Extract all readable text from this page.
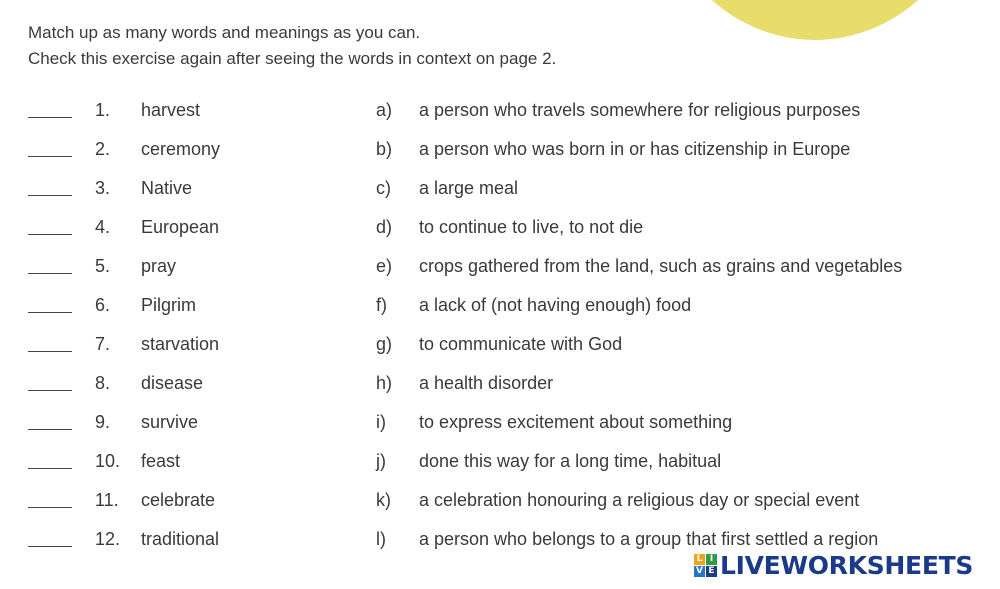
Match up as many words and meanings as you can.
Check this exercise again after seeing the words in context on page 2.
1. harvest	a) a person who travels somewhere for religious purposes
2. ceremony	b) a person who was born in or has citizenship in Europe
3. Native	c) a large meal
4. European	d) to continue to live, to not die
5. pray	e) crops gathered from the land, such as grains and vegetables
6. Pilgrim	f) a lack of (not having enough) food
7. starvation	g) to communicate with God
8. disease	h) a health disorder
9. survive	i) to express excitement about something
10. feast	j) done this way for a long time, habitual
11. celebrate	k) a celebration honouring a religious day or special event
12. traditional	l) a person who belongs to a group that first settled a region
L I
V E LIVEWORKSHEETS
